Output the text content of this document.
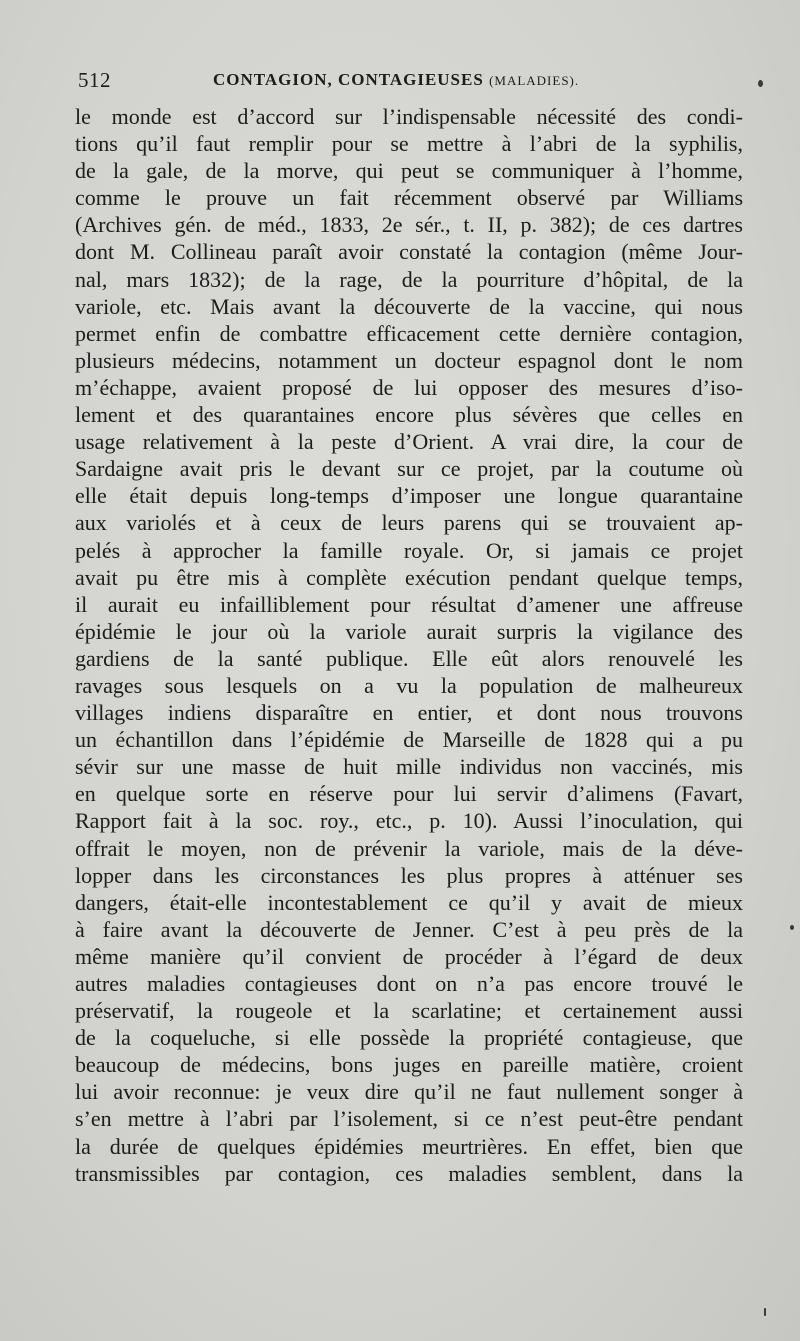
512	CONTAGION, CONTAGIEUSES (MALADIES).
le monde est d’accord sur l’indispensable nécessité des condi-
tions qu’il faut remplir pour se mettre à l’abri de la syphilis,
de la gale, de la morve, qui peut se communiquer à l’homme,
comme le prouve un fait récemment observé par Williams
(Archives gén. de méd., 1833, 2e sér., t. II, p. 382); de ces dartres
dont M. Collineau paraît avoir constaté la contagion (même Jour-
nal, mars 1832); de la rage, de la pourriture d’hôpital, de la
variole, etc. Mais avant la découverte de la vaccine, qui nous
permet enfin de combattre efficacement cette dernière contagion,
plusieurs médecins, notamment un docteur espagnol dont le nom
m’échappe, avaient proposé de lui opposer des mesures d’iso-
lement et des quarantaines encore plus sévères que celles en
usage relativement à la peste d’Orient. A vrai dire, la cour de
Sardaigne avait pris le devant sur ce projet, par la coutume où
elle était depuis long-temps d’imposer une longue quarantaine
aux variolés et à ceux de leurs parens qui se trouvaient ap-
pelés à approcher la famille royale. Or, si jamais ce projet
avait pu être mis à complète exécution pendant quelque temps,
il aurait eu infailliblement pour résultat d’amener une affreuse
épidémie le jour où la variole aurait surpris la vigilance des
gardiens de la santé publique. Elle eût alors renouvelé les
ravages sous lesquels on a vu la population de malheureux
villages indiens disparaître en entier, et dont nous trouvons
un échantillon dans l’épidémie de Marseille de 1828 qui a pu
sévir sur une masse de huit mille individus non vaccinés, mis
en quelque sorte en réserve pour lui servir d’alimens (Favart,
Rapport fait à la soc. roy., etc., p. 10). Aussi l’inoculation, qui
offrait le moyen, non de prévenir la variole, mais de la déve-
lopper dans les circonstances les plus propres à atténuer ses
dangers, était-elle incontestablement ce qu’il y avait de mieux
à faire avant la découverte de Jenner. C’est à peu près de la
même manière qu’il convient de procéder à l’égard de deux
autres maladies contagieuses dont on n’a pas encore trouvé le
préservatif, la rougeole et la scarlatine; et certainement aussi
de la coqueluche, si elle possède la propriété contagieuse, que
beaucoup de médecins, bons juges en pareille matière, croient
lui avoir reconnue: je veux dire qu’il ne faut nullement songer à
s’en mettre à l’abri par l’isolement, si ce n’est peut-être pendant
la durée de quelques épidémies meurtrières. En effet, bien que
transmissibles par contagion, ces maladies semblent, dans la
